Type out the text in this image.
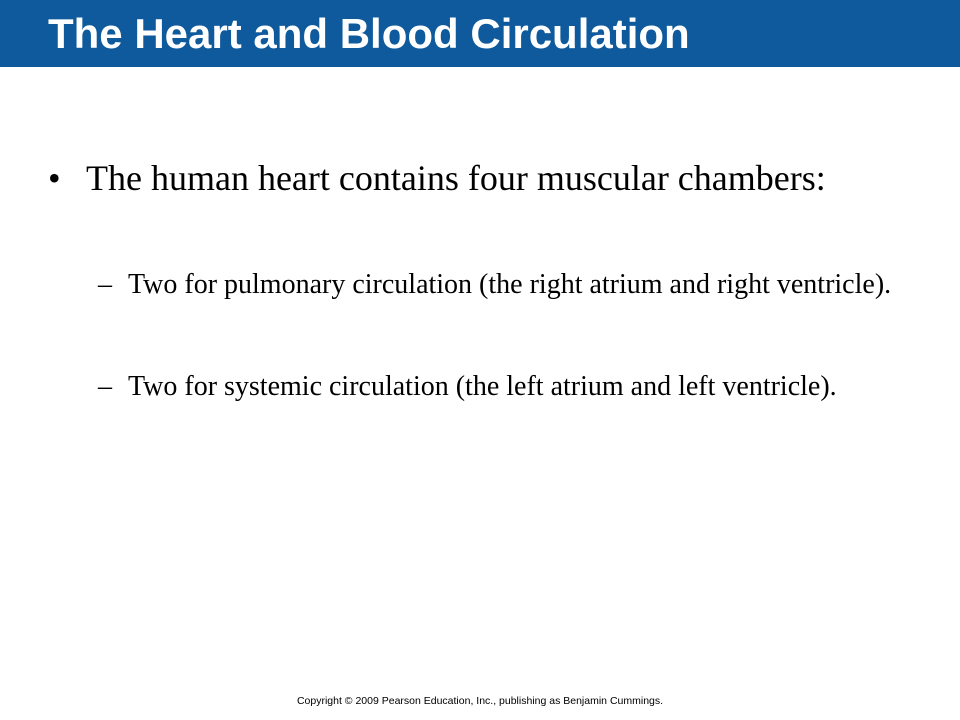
The Heart and Blood Circulation
• The human heart contains four muscular chambers:
– Two for pulmonary circulation (the right atrium and right ventricle).
– Two for systemic circulation (the left atrium and left ventricle).
Copyright © 2009 Pearson Education, Inc., publishing as Benjamin Cummings.
